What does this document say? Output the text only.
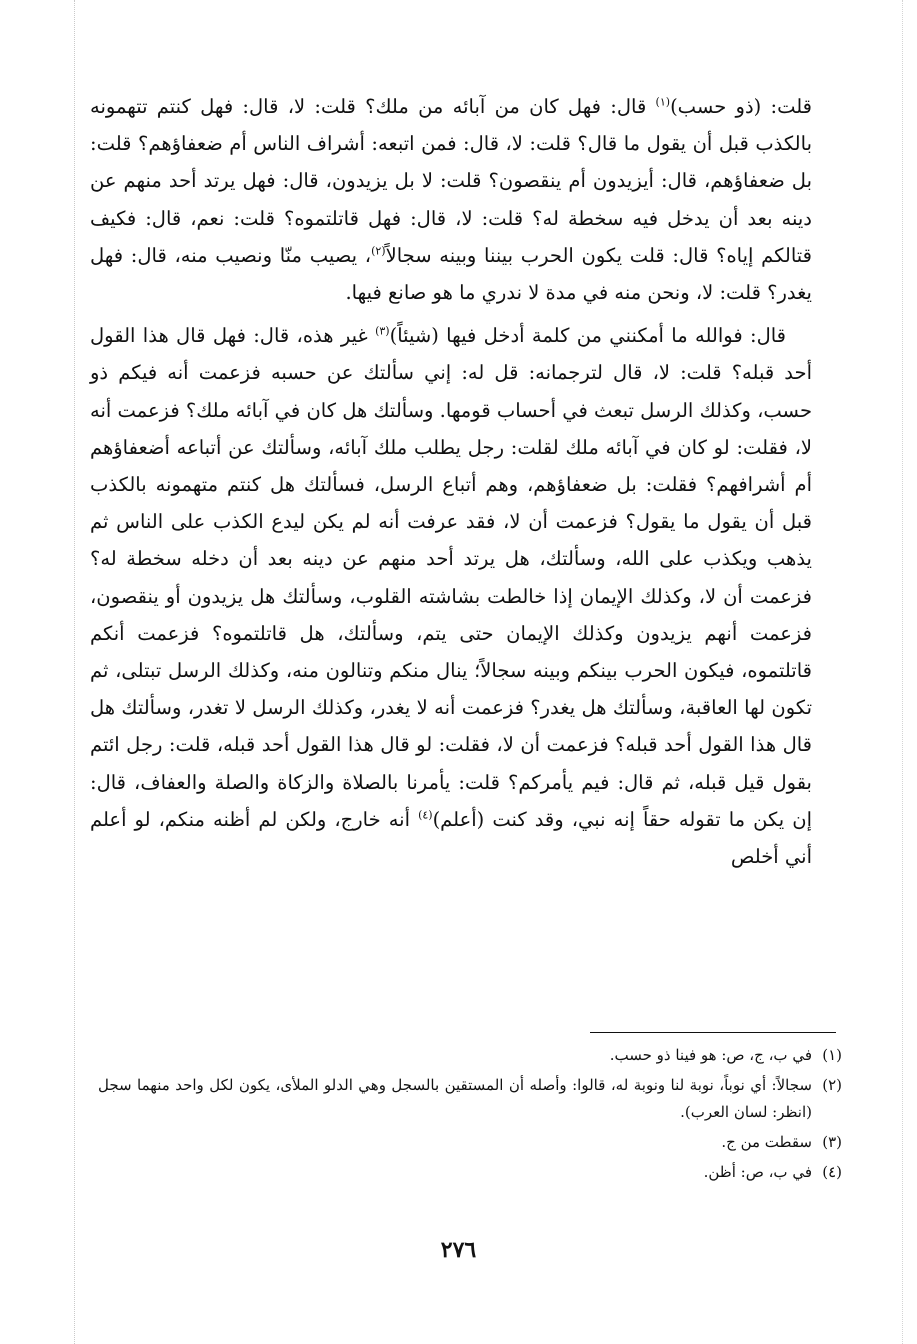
قلت: (ذو حسب)$^{(١)}$ قال: فهل كان من آبائه من ملك؟ قلت: لا، قال: فهل كنتم تتهمونه بالكذب قبل أن يقول ما قال؟ قلت: لا، قال: فمن اتبعه: أشراف الناس أم ضعفاؤهم؟ قلت: بل ضعفاؤهم، قال: أيزيدون أم ينقصون؟ قلت: لا بل يزيدون، قال: فهل يرتد أحد منهم عن دينه بعد أن يدخل فيه سخطة له؟ قلت: لا، قال: فهل قاتلتموه؟ قلت: نعم، قال: فكيف قتالكم إياه؟ قال: قلت يكون الحرب بيننا وبينه سجالاً$^{(٢)}$، يصيب منّا ونصيب منه، قال: فهل يغدر؟ قلت: لا، ونحن منه في مدة لا ندري ما هو صانع فيها.

قال: فوالله ما أمكنني من كلمة أدخل فيها (شيئاً)$^{(٣)}$ غير هذه، قال: فهل قال هذا القول أحد قبله؟ قلت: لا، قال لترجمانه: قل له: إني سألتك عن حسبه فزعمت أنه فيكم ذو حسب، وكذلك الرسل تبعث في أحساب قومها. وسألتك هل كان في آبائه ملك؟ فزعمت أنه لا، فقلت: لو كان في آبائه ملك لقلت: رجل يطلب ملك آبائه، وسألتك عن أتباعه أضعفاؤهم أم أشرافهم؟ فقلت: بل ضعفاؤهم، وهم أتباع الرسل، فسألتك هل كنتم متهمونه بالكذب قبل أن يقول ما يقول؟ فزعمت أن لا، فقد عرفت أنه لم يكن ليدع الكذب على الناس ثم يذهب ويكذب على الله، وسألتك، هل يرتد أحد منهم عن دينه بعد أن دخله سخطة له؟ فزعمت أن لا، وكذلك الإيمان إذا خالطت بشاشته القلوب، وسألتك هل يزيدون أو ينقصون، فزعمت أنهم يزيدون وكذلك الإيمان حتى يتم، وسألتك، هل قاتلتموه؟ فزعمت أنكم قاتلتموه، فيكون الحرب بينكم وبينه سجالاً؛ ينال منكم وتنالون منه، وكذلك الرسل تبتلى، ثم تكون لها العاقبة، وسألتك هل يغدر؟ فزعمت أنه لا يغدر، وكذلك الرسل لا تغدر، وسألتك هل قال هذا القول أحد قبله؟ فزعمت أن لا، فقلت: لو قال هذا القول أحد قبله، قلت: رجل ائتم بقول قيل قبله، ثم قال: فيم يأمركم؟ قلت: يأمرنا بالصلاة والزكاة والصلة والعفاف، قال: إن يكن ما تقوله حقاً إنه نبي، وقد كنت (أعلم)$^{(٤)}$ أنه خارج، ولكن لم أظنه منكم، لو أعلم أني أخلص

(١)
في ب، ج، ص: هو فينا ذو حسب.
(٢)
سجالاً: أي نوباً، نوبة لنا ونوبة له، قالوا: وأصله أن المستقين بالسجل وهي الدلو الملأى، يكون لكل واحد منهما سجل (انظر: لسان العرب).
(٣)
سقطت من ج.
(٤)
في ب، ص: أظن.
٢٧٦
